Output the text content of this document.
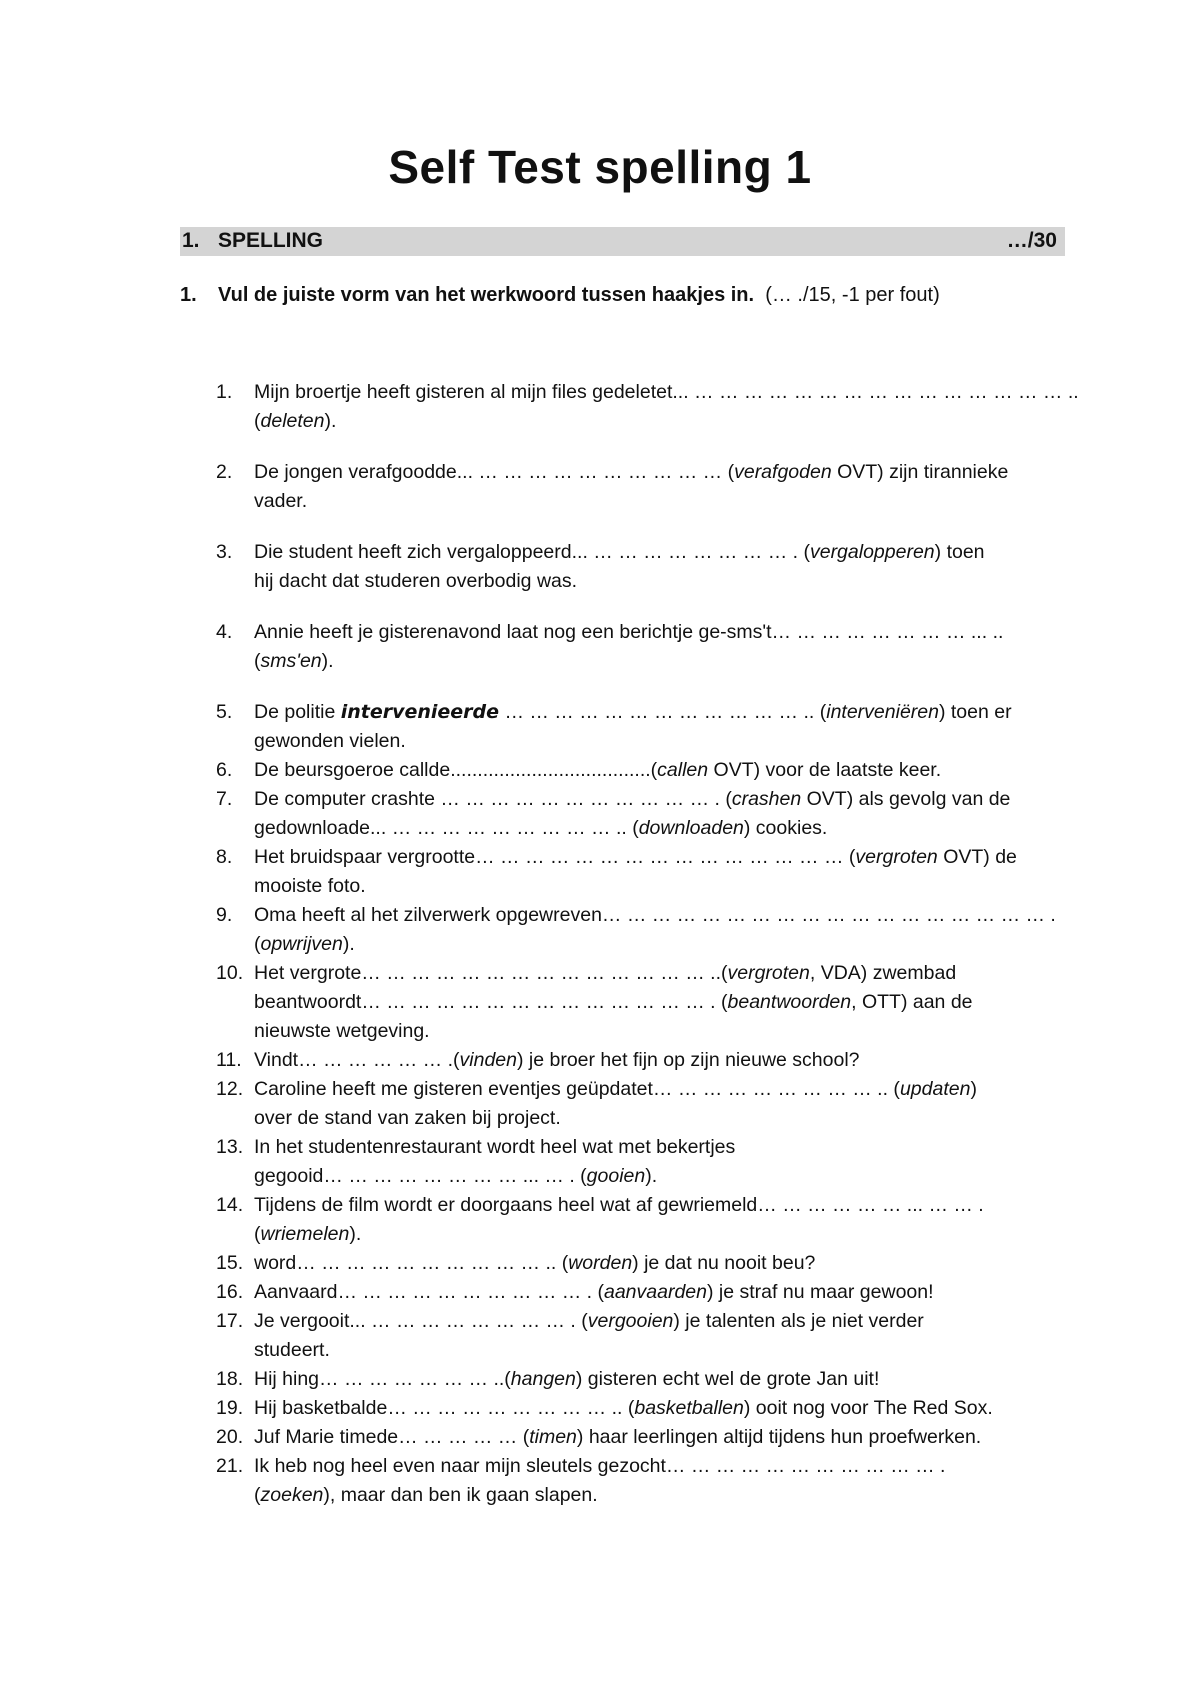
Self Test spelling 1
1. SPELLING	…/30
1. Vul de juiste vorm van het werkwoord tussen haakjes in. (… ./15, -1 per fout)
1.	Mijn broertje heeft gisteren al mijn files gedeletet... … … … … … … … … … … … … … … … ..
(deleten).
2.	De jongen verafgoodde... … … … … … … … … … … (verafgoden OVT) zijn tirannieke
vader.
3.	Die student heeft zich vergaloppeerd... … … … … … … … … . (vergalopperen) toen
hij dacht dat studeren overbodig was.
4.	Annie heeft je gisterenavond laat nog een berichtje ge-sms't… … … … … … … … ... ..
(sms'en).
5.	De politie intervenieerde … … … … … … … … … … … … .. (interveniëren) toen er
gewonden vielen.
6.	De beursgoeroe callde.....................................(callen OVT) voor de laatste keer.
7.	De computer crashte … … … … … … … … … … … . (crashen OVT) als gevolg van de
gedownloade... … … … … … … … … … .. (downloaden) cookies.
8.	Het bruidspaar vergrootte… … … … … … … … … … … … … … … (vergroten OVT) de
mooiste foto.
9.	Oma heeft al het zilverwerk opgewreven… … … … … … … … … … … … … … … … … … .
(opwrijven).
10. Het vergrote… … … … … … … … … … … … … … ..(vergroten, VDA) zwembad
beantwoordt… … … … … … … … … … … … … … . (beantwoorden, OTT) aan de
nieuwste wetgeving.
11. Vindt… … … … … … .(vinden) je broer het fijn op zijn nieuwe school?
12. Caroline heeft me gisteren eventjes geüpdatet… … … … … … … … … .. (updaten)
over de stand van zaken bij project.
13. In het studentenrestaurant wordt heel wat met bekertjes
gegooid… … … … … … … … ... … . (gooien).
14. Tijdens de film wordt er doorgaans heel wat af gewriemeld… … … … … … ... … … .
(wriemelen).
15. word… … … … … … … … … … .. (worden) je dat nu nooit beu?
16. Aanvaard… … … … … … … … … … . (aanvaarden) je straf nu maar gewoon!
17. Je vergooit... … … … … … … … … . (vergooien) je talenten als je niet verder
studeert.
18. Hij hing… … … … … … … ..(hangen) gisteren echt wel de grote Jan uit!
19. Hij basketbalde… … … … … … … … … .. (basketballen) ooit nog voor The Red Sox.
20. Juf Marie timede… … … … … (timen) haar leerlingen altijd tijdens hun proefwerken.
21. Ik heb nog heel even naar mijn sleutels gezocht… … … … … … … … … … … .
(zoeken), maar dan ben ik gaan slapen.
